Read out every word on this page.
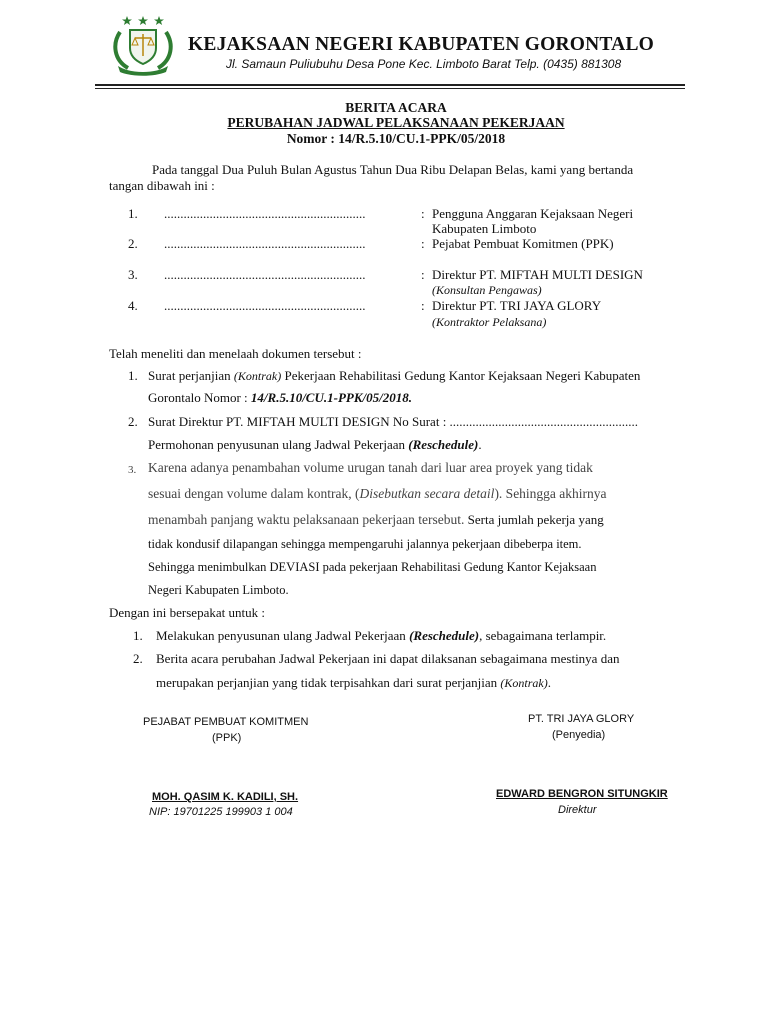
KEJAKSAAN NEGERI KABUPATEN GORONTALO
Jl. Samaun Puliubuhu Desa Pone Kec. Limboto Barat Telp. (0435) 881308
BERITA ACARA
PERUBAHAN JADWAL PELAKSANAAN PEKERJAAN
Nomor : 14/R.5.10/CU.1-PPK/05/2018
Pada tanggal Dua Puluh Bulan Agustus Tahun Dua Ribu Delapan Belas, kami yang bertanda
tangan dibawah ini :
1. ..............................................................	: Pengguna Anggaran Kejaksaan Negeri
Kabupaten Limboto
2. ..............................................................	: Pejabat Pembuat Komitmen (PPK)
3. ..............................................................	: Direktur PT. MIFTAH MULTI DESIGN
(Konsultan Pengawas)
4. ..............................................................	: Direktur PT. TRI JAYA GLORY
(Kontraktor Pelaksana)
Telah meneliti dan menelaah dokumen tersebut :
1. Surat perjanjian (Kontrak) Pekerjaan Rehabilitasi Gedung Kantor Kejaksaan Negeri Kabupaten
Gorontalo Nomor : 14/R.5.10/CU.1-PPK/05/2018.
2. Surat Direktur PT. MIFTAH MULTI DESIGN No Surat : ..........................................................
Permohonan penyusunan ulang Jadwal Pekerjaan (Reschedule).
3. Karena adanya penambahan volume urugan tanah dari luar area proyek yang tidak
sesuai dengan volume dalam kontrak, (Disebutkan secara detail). Sehingga akhirnya
menambah panjang waktu pelaksanaan pekerjaan tersebut. Serta jumlah pekerja yang
tidak kondusif dilapangan sehingga mempengaruhi jalannya pekerjaan dibeberpa item.
Sehingga menimbulkan DEVIASI pada pekerjaan Rehabilitasi Gedung Kantor Kejaksaan
Negeri Kabupaten Limboto.
Dengan ini bersepakat untuk :
1. Melakukan penyusunan ulang Jadwal Pekerjaan (Reschedule), sebagaimana terlampir.
2. Berita acara perubahan Jadwal Pekerjaan ini dapat dilaksanan sebagaimana mestinya dan
merupakan perjanjian yang tidak terpisahkan dari surat perjanjian (Kontrak).
PEJABAT PEMBUAT KOMITMEN
(PPK)
MOH. QASIM K. KADILI, SH.
NIP: 19701225 199903 1 004
PT. TRI JAYA GLORY
(Penyedia)
EDWARD BENGRON SITUNGKIR
Direktur
